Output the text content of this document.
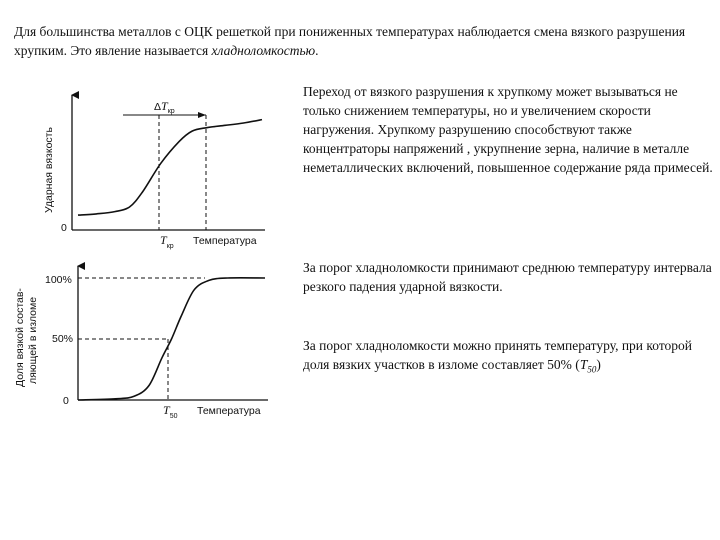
Для большинства металлов с ОЦК решеткой при пониженных температурах наблюдается смена вязкого разрушения хрупким. Это явление называется хладноломкостью.
Переход от вязкого разрушения к хрупкому может вызываться не только снижением температуры, но и увеличением скорости нагружения. Хрупкому разрушению способствуют также концентраторы напряжений , укрупнение зерна, наличие в металле неметаллических включений, повышенное содержание ряда примесей.
За порог хладноломкости принимают среднюю температуру интервала резкого падения ударной вязкости.
За порог хладноломкости можно принять температуру, при которой доля вязких участков в изломе составляет 50% $(T_{50})$
Ударная вязкость
0
Температура
ΔTкр
$T_{кр}$
Доля вязкой состав- ляющей в изломе
0
50%
100%
Температура
$T_{50}$
